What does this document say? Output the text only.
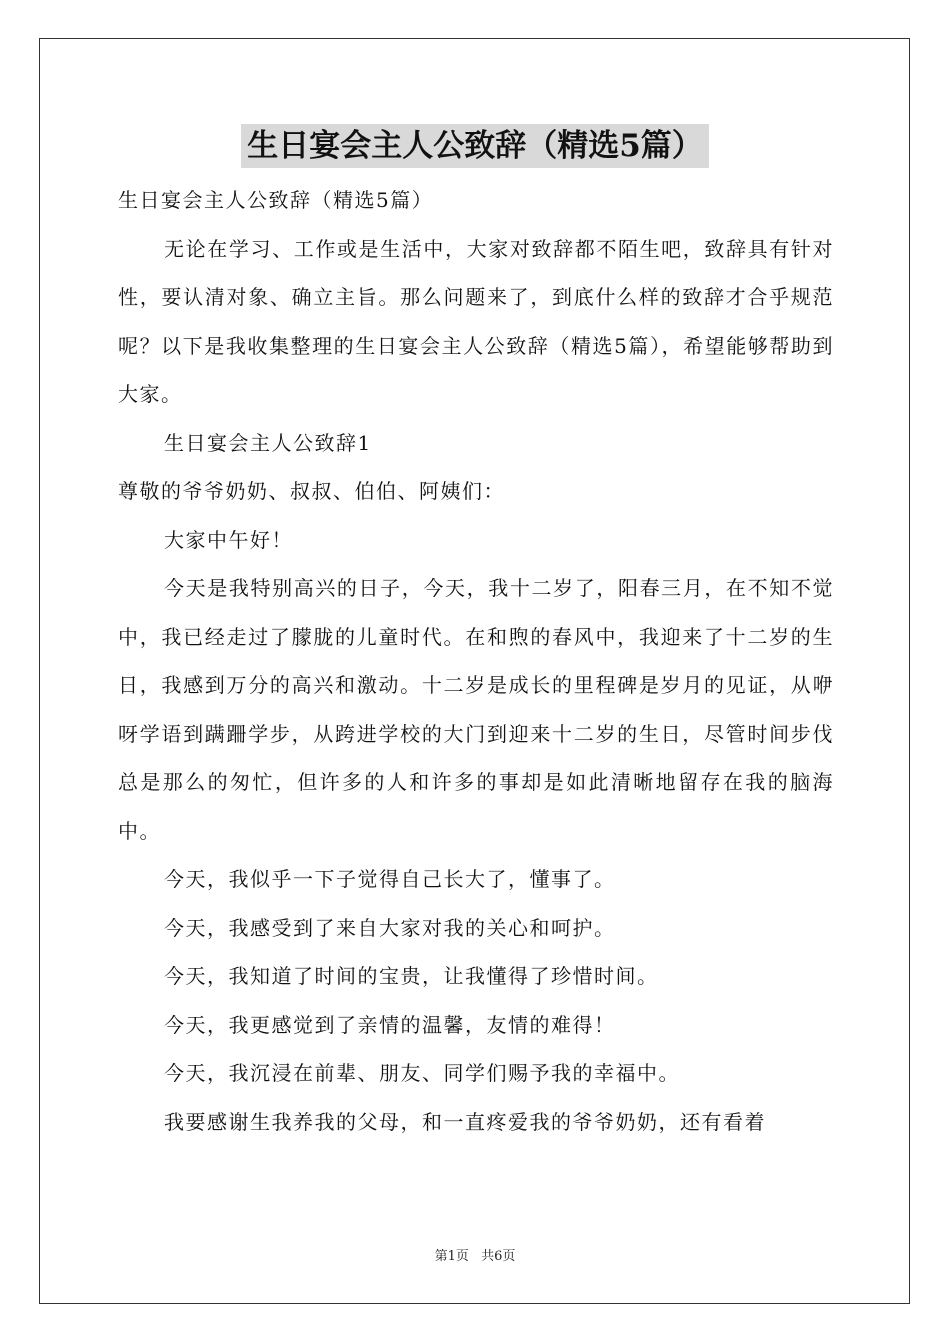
生日宴会主人公致辞（精选5篇）

生日宴会主人公致辞（精选5篇）

无论在学习、工作或是生活中，大家对致辞都不陌生吧，致辞具有针对性，要认清对象、确立主旨。那么问题来了，到底什么样的致辞才合乎规范呢？以下是我收集整理的生日宴会主人公致辞（精选5篇），希望能够帮助到大家。

生日宴会主人公致辞1

尊敬的爷爷奶奶、叔叔、伯伯、阿姨们：

大家中午好！

今天是我特别高兴的日子，今天，我十二岁了，阳春三月，在不知不觉中，我已经走过了朦胧的儿童时代。在和煦的春风中，我迎来了十二岁的生日，我感到万分的高兴和激动。十二岁是成长的里程碑是岁月的见证，从咿呀学语到蹒跚学步，从跨进学校的大门到迎来十二岁的生日，尽管时间步伐总是那么的匆忙，但许多的人和许多的事却是如此清晰地留存在我的脑海中。

今天，我似乎一下子觉得自己长大了，懂事了。

今天，我感受到了来自大家对我的关心和呵护。

今天，我知道了时间的宝贵，让我懂得了珍惜时间。

今天，我更感觉到了亲情的温馨，友情的难得！

今天，我沉浸在前辈、朋友、同学们赐予我的幸福中。

我要感谢生我养我的父母，和一直疼爱我的爷爷奶奶，还有看着

第1页 共6页
